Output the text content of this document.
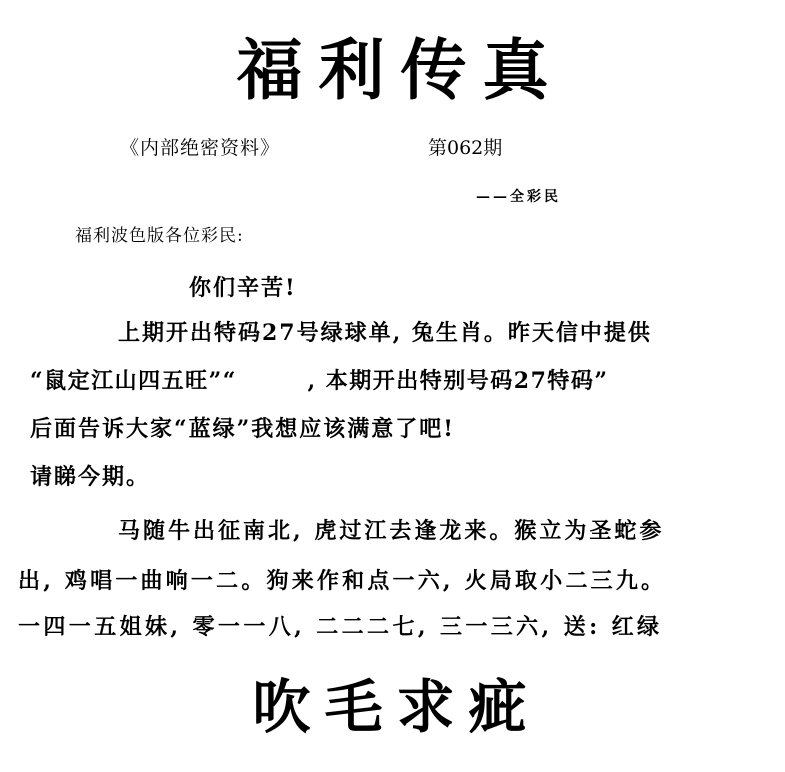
福利传真
《内部绝密资料》	第062期
——全彩民
福利波色版各位彩民:
你们辛苦!
上期开出特码27号绿球单, 兔生肖。昨天信中提供
“鼠定江山四五旺”“　　　, 本期开出特别号码27特码”
后面告诉大家“蓝绿”我想应该满意了吧!
请睇今期。
马随牛出征南北, 虎过江去逢龙来。猴立为圣蛇参
出, 鸡唱一曲响一二。狗来作和点一六, 火局取小二三九。
一四一五姐妹, 零一一八, 二二二七, 三一三六, 送: 红绿
吹毛求疵
